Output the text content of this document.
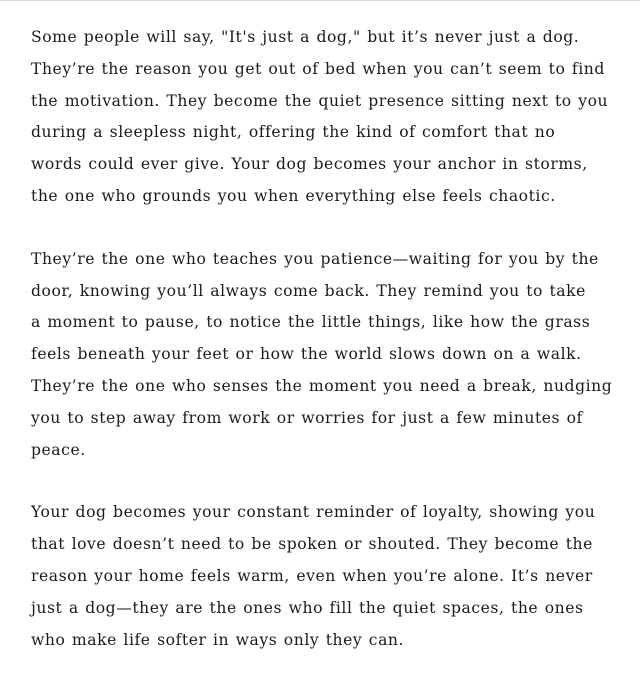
Some people will say, "It's just a dog," but it’s never just a dog.
They’re the reason you get out of bed when you can’t seem to find
the motivation. They become the quiet presence sitting next to you
during a sleepless night, offering the kind of comfort that no
words could ever give. Your dog becomes your anchor in storms,
the one who grounds you when everything else feels chaotic.

They’re the one who teaches you patience—waiting for you by the
door, knowing you’ll always come back. They remind you to take
a moment to pause, to notice the little things, like how the grass
feels beneath your feet or how the world slows down on a walk.
They’re the one who senses the moment you need a break, nudging
you to step away from work or worries for just a few minutes of
peace.

Your dog becomes your constant reminder of loyalty, showing you
that love doesn’t need to be spoken or shouted. They become the
reason your home feels warm, even when you’re alone. It’s never
just a dog—they are the ones who fill the quiet spaces, the ones
who make life softer in ways only they can.
